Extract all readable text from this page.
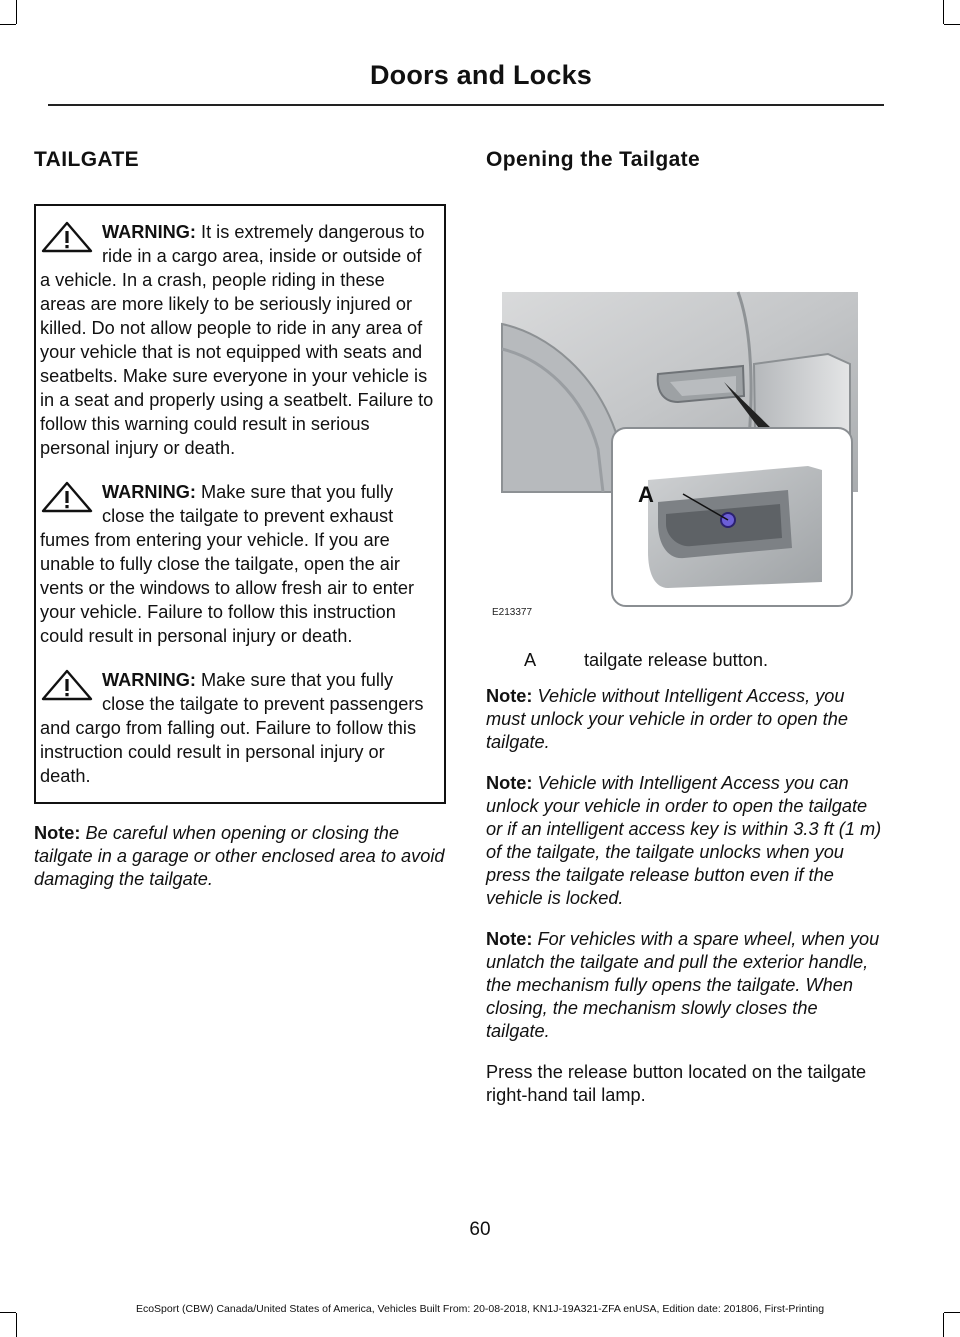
Doors and Locks
TAILGATE

WARNING: It is extremely dangerous to ride in a cargo area, inside or outside of a vehicle. In a crash, people riding in these areas are more likely to be seriously injured or killed. Do not allow people to ride in any area of your vehicle that is not equipped with seats and seatbelts. Make sure everyone in your vehicle is in a seat and properly using a seatbelt. Failure to follow this warning could result in serious personal injury or death.

WARNING: Make sure that you fully close the tailgate to prevent exhaust fumes from entering your vehicle. If you are unable to fully close the tailgate, open the air vents or the windows to allow fresh air to enter your vehicle. Failure to follow this instruction could result in personal injury or death.

WARNING: Make sure that you fully close the tailgate to prevent passengers and cargo from falling out. Failure to follow this instruction could result in personal injury or death.

Note: Be careful when opening or closing the tailgate in a garage or other enclosed area to avoid damaging the tailgate.

Opening the Tailgate
A
E213377
A	tailgate release button.

Note: Vehicle without Intelligent Access, you must unlock your vehicle in order to open the tailgate.

Note: Vehicle with Intelligent Access you can unlock your vehicle in order to open the tailgate or if an intelligent access key is within 3.3 ft (1 m) of the tailgate, the tailgate unlocks when you press the tailgate release button even if the vehicle is locked.

Note: For vehicles with a spare wheel, when you unlatch the tailgate and pull the exterior handle, the mechanism fully opens the tailgate. When closing, the mechanism slowly closes the tailgate.

Press the release button located on the tailgate right-hand tail lamp.

60
EcoSport (CBW) Canada/United States of America, Vehicles Built From: 20-08-2018, KN1J-19A321-ZFA enUSA, Edition date: 201806, First-Printing
